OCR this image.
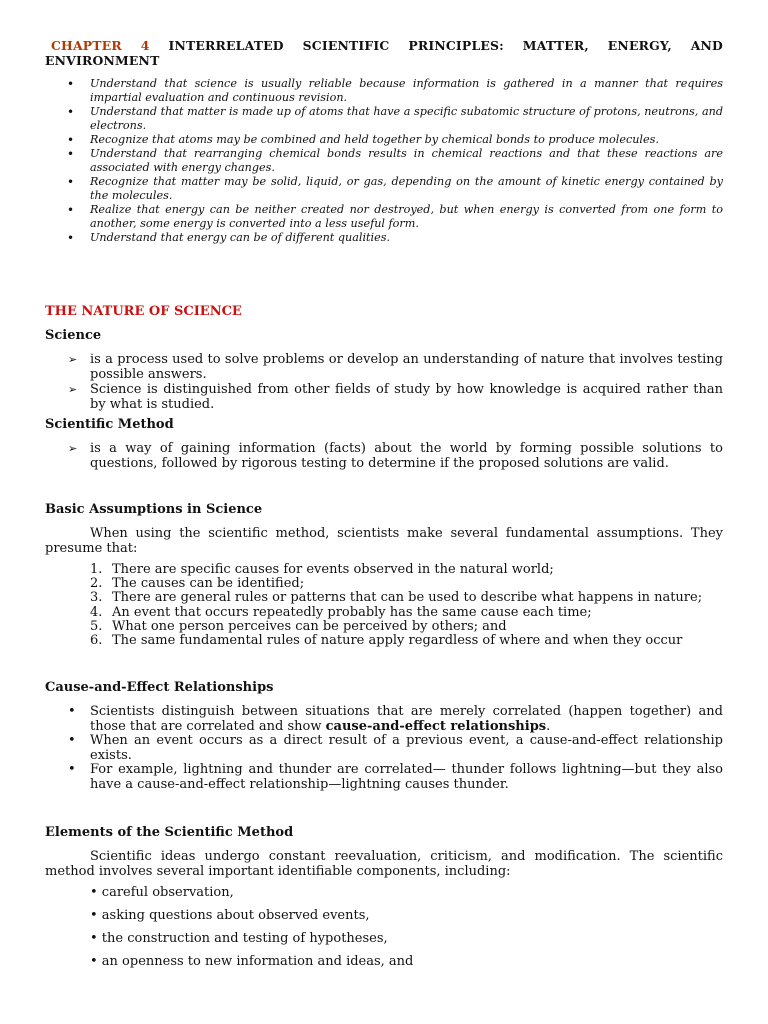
CHAPTER 4 INTERRELATED SCIENTIFIC PRINCIPLES: MATTER, ENERGY, AND
ENVIRONMENT
• Understand that science is usually reliable because information is gathered in a manner that requires impartial evaluation and continuous revision.
• Understand that matter is made up of atoms that have a specific subatomic structure of protons, neutrons, and electrons.
• Recognize that atoms may be combined and held together by chemical bonds to produce molecules.
• Understand that rearranging chemical bonds results in chemical reactions and that these reactions are associated with energy changes.
• Recognize that matter may be solid, liquid, or gas, depending on the amount of kinetic energy contained by the molecules.
• Realize that energy can be neither created nor destroyed, but when energy is converted from one form to another, some energy is converted into a less useful form.
• Understand that energy can be of different qualities.
THE NATURE OF SCIENCE
Science
➢ is a process used to solve problems or develop an understanding of nature that involves testing possible answers.
➢ Science is distinguished from other fields of study by how knowledge is acquired rather than by what is studied.
Scientific Method
➢ is a way of gaining information (facts) about the world by forming possible solutions to questions, followed by rigorous testing to determine if the proposed solutions are valid.
Basic Assumptions in Science
When using the scientific method, scientists make several fundamental assumptions. They presume that:
1. There are specific causes for events observed in the natural world;
2. The causes can be identified;
3. There are general rules or patterns that can be used to describe what happens in nature;
4. An event that occurs repeatedly probably has the same cause each time;
5. What one person perceives can be perceived by others; and
6. The same fundamental rules of nature apply regardless of where and when they occur
Cause-and-Effect Relationships
• Scientists distinguish between situations that are merely correlated (happen together) and those that are correlated and show cause-and-effect relationships.
• When an event occurs as a direct result of a previous event, a cause-and-effect relationship exists.
• For example, lightning and thunder are correlated— thunder follows lightning—but they also have a cause-and-effect relationship—lightning causes thunder.
Elements of the Scientific Method
Scientific ideas undergo constant reevaluation, criticism, and modification. The scientific method involves several important identifiable components, including:
• careful observation,
• asking questions about observed events,
• the construction and testing of hypotheses,
• an openness to new information and ideas, and
